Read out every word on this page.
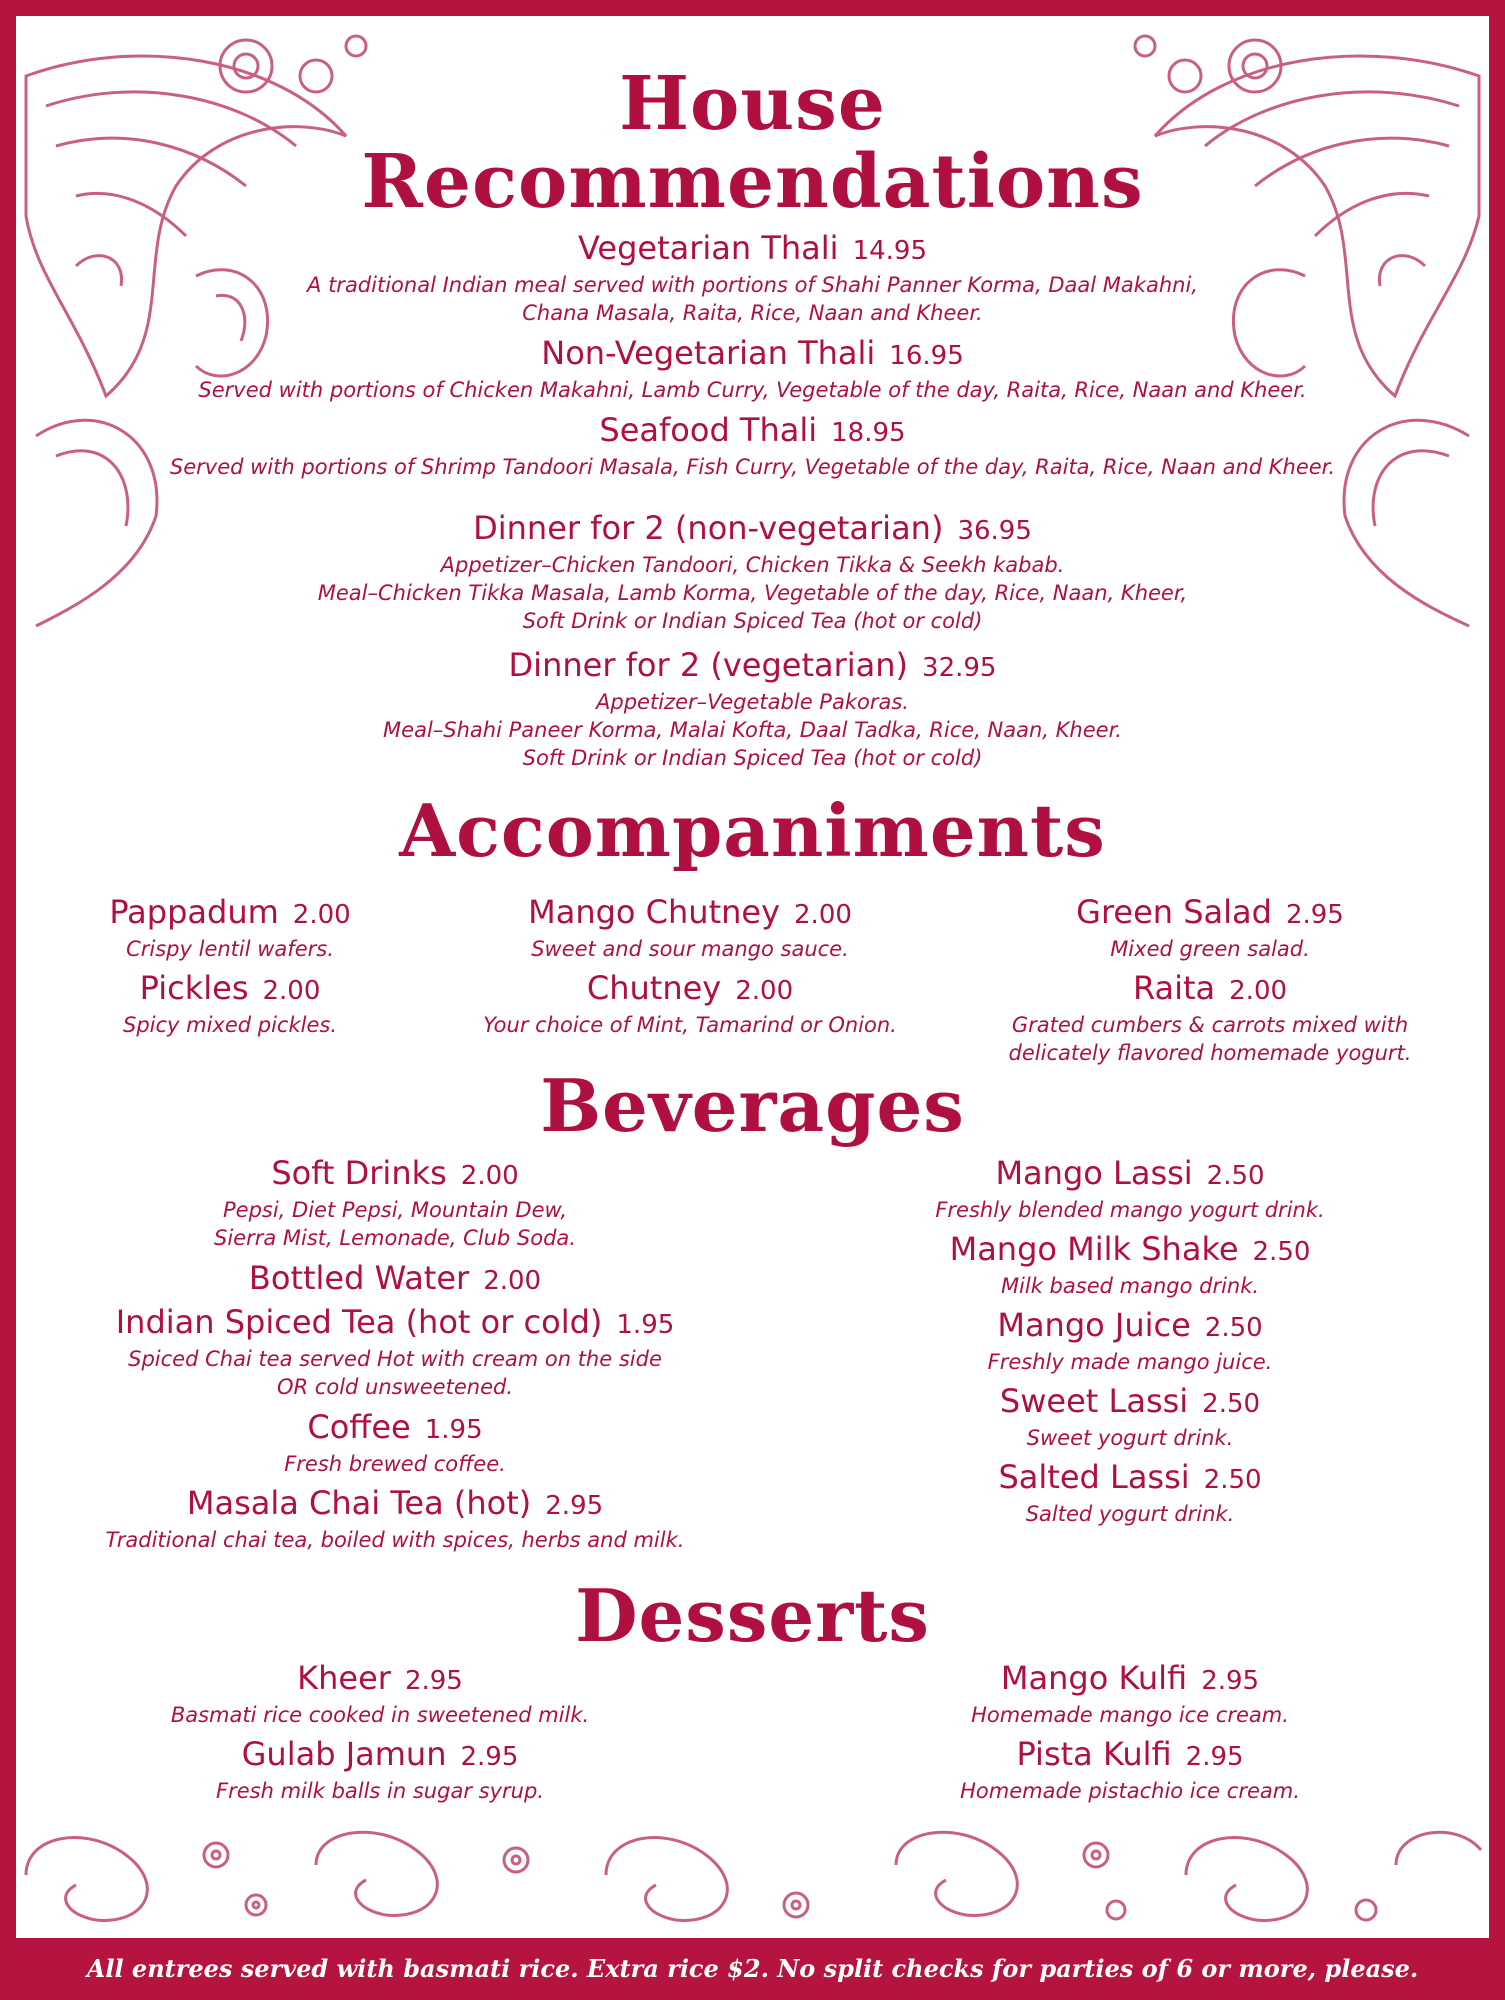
House
Recommendations
Accompaniments
Beverages
Desserts
Vegetarian Thali 14.95
A traditional Indian meal served with portions of Shahi Panner Korma, Daal Makahni,
Chana Masala, Raita, Rice, Naan and Kheer.
Non-Vegetarian Thali 16.95
Served with portions of Chicken Makahni, Lamb Curry, Vegetable of the day, Raita, Rice, Naan and Kheer.
Seafood Thali 18.95
Served with portions of Shrimp Tandoori Masala, Fish Curry, Vegetable of the day, Raita, Rice, Naan and Kheer.
Dinner for 2 (non-vegetarian) 36.95
Appetizer–Chicken Tandoori, Chicken Tikka & Seekh kabab.
Meal–Chicken Tikka Masala, Lamb Korma, Vegetable of the day, Rice, Naan, Kheer,
Soft Drink or Indian Spiced Tea (hot or cold)
Dinner for 2 (vegetarian) 32.95
Appetizer–Vegetable Pakoras.
Meal–Shahi Paneer Korma, Malai Kofta, Daal Tadka, Rice, Naan, Kheer.
Soft Drink or Indian Spiced Tea (hot or cold)
Pappadum 2.00
Crispy lentil wafers.
Mango Chutney 2.00
Sweet and sour mango sauce.
Green Salad 2.95
Mixed green salad.
Pickles 2.00
Spicy mixed pickles.
Chutney 2.00
Your choice of Mint, Tamarind or Onion.
Raita 2.00
Grated cumbers & carrots mixed with
delicately flavored homemade yogurt.
Soft Drinks 2.00
Pepsi, Diet Pepsi, Mountain Dew,
Sierra Mist, Lemonade, Club Soda.
Bottled Water 2.00
Indian Spiced Tea (hot or cold) 1.95
Spiced Chai tea served Hot with cream on the side
OR cold unsweetened.
Coffee 1.95
Fresh brewed coffee.
Masala Chai Tea (hot) 2.95
Traditional chai tea, boiled with spices, herbs and milk.
Mango Lassi 2.50
Freshly blended mango yogurt drink.
Mango Milk Shake 2.50
Milk based mango drink.
Mango Juice 2.50
Freshly made mango juice.
Sweet Lassi 2.50
Sweet yogurt drink.
Salted Lassi 2.50
Salted yogurt drink.
Kheer 2.95
Basmati rice cooked in sweetened milk.
Gulab Jamun 2.95
Fresh milk balls in sugar syrup.
Mango Kulfi 2.95
Homemade mango ice cream.
Pista Kulfi 2.95
Homemade pistachio ice cream.
All entrees served with basmati rice. Extra rice $2. No split checks for parties of 6 or more, please.
